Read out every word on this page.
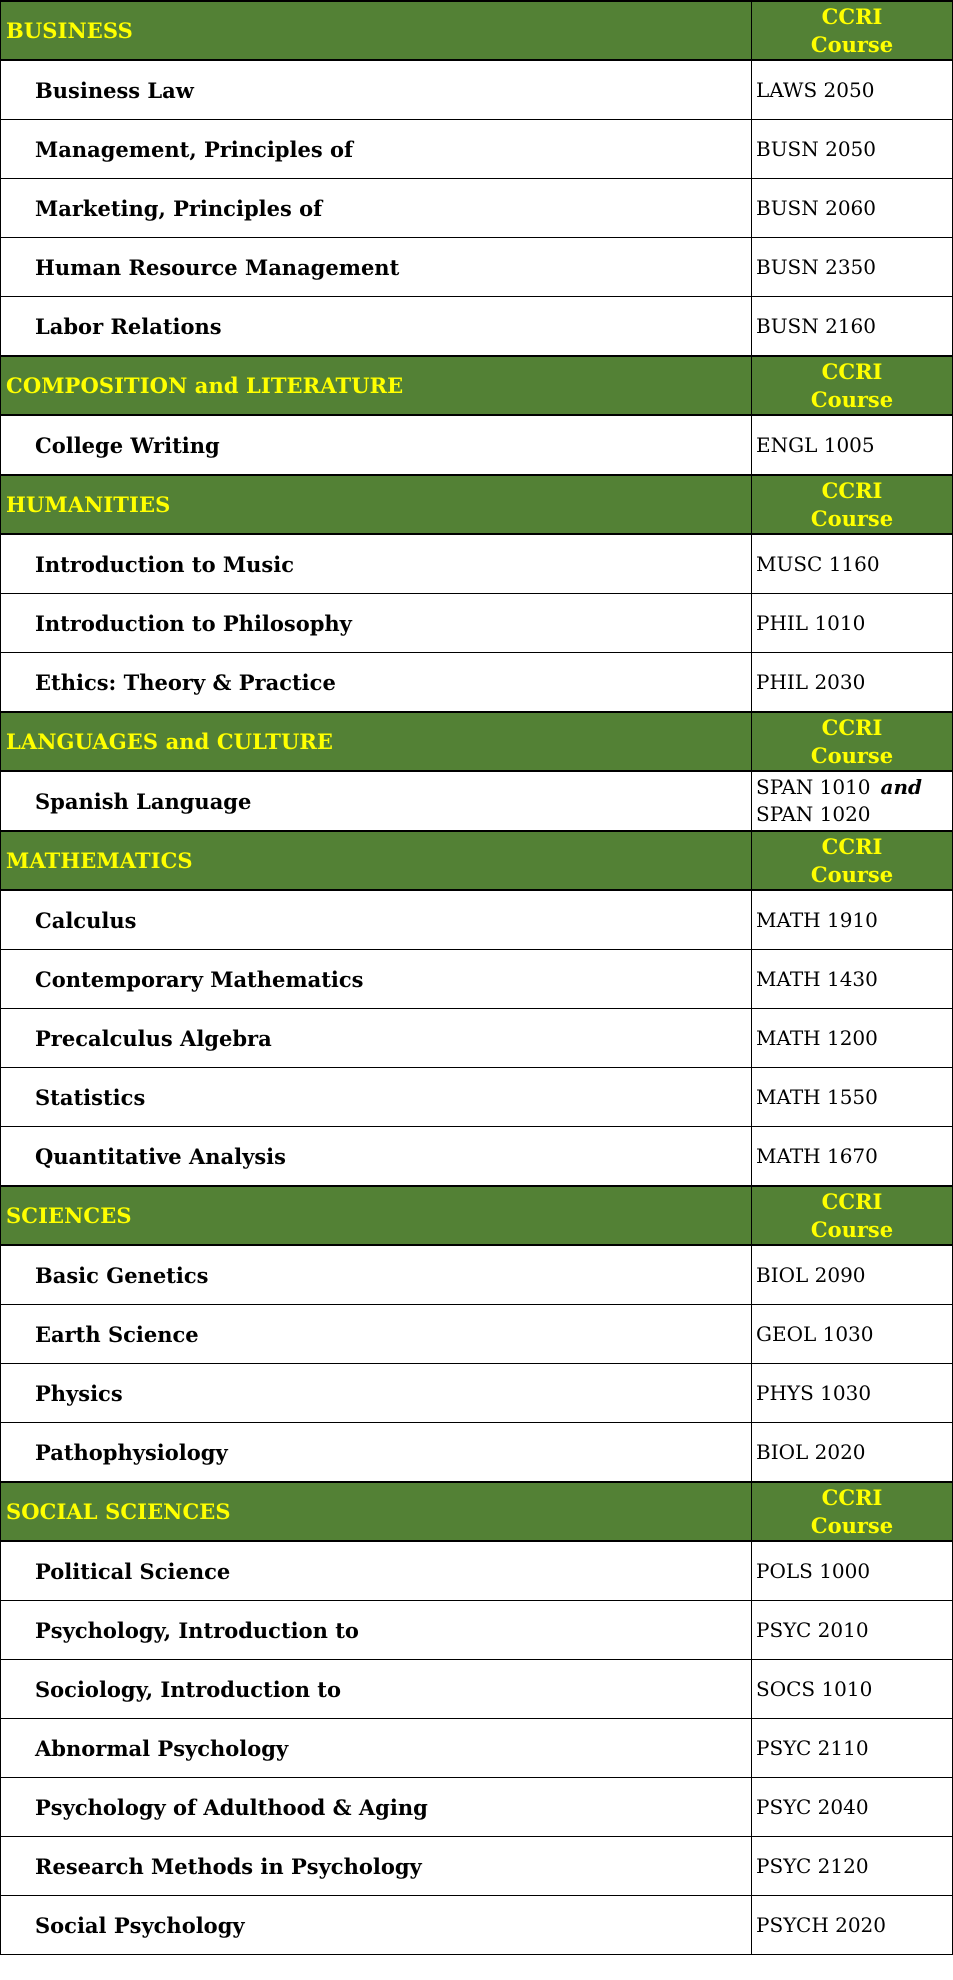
BUSINESS	CCRI
Course

Business Law	LAWS 2050
Management, Principles of	BUSN 2050
Marketing, Principles of	BUSN 2060
Human Resource Management	BUSN 2350
Labor Relations	BUSN 2160
COMPOSITION and LITERATURE	CCRI
Course

College Writing	ENGL 1005
HUMANITIES	CCRI
Course

Introduction to Music	MUSC 1160
Introduction to Philosophy	PHIL 1010
Ethics: Theory & Practice	PHIL 2030
LANGUAGES and CULTURE	CCRI
Course

Spanish Language	SPAN 1010 and
SPAN 1020

MATHEMATICS	CCRI
Course

Calculus	MATH 1910
Contemporary Mathematics	MATH 1430
Precalculus Algebra	MATH 1200
Statistics	MATH 1550
Quantitative Analysis	MATH 1670
SCIENCES	CCRI
Course

Basic Genetics	BIOL 2090
Earth Science	GEOL 1030
Physics	PHYS 1030
Pathophysiology	BIOL 2020
SOCIAL SCIENCES	CCRI
Course

Political Science	POLS 1000
Psychology, Introduction to	PSYC 2010
Sociology, Introduction to	SOCS 1010
Abnormal Psychology	PSYC 2110
Psychology of Adulthood & Aging	PSYC 2040
Research Methods in Psychology	PSYC 2120
Social Psychology	PSYCH 2020
